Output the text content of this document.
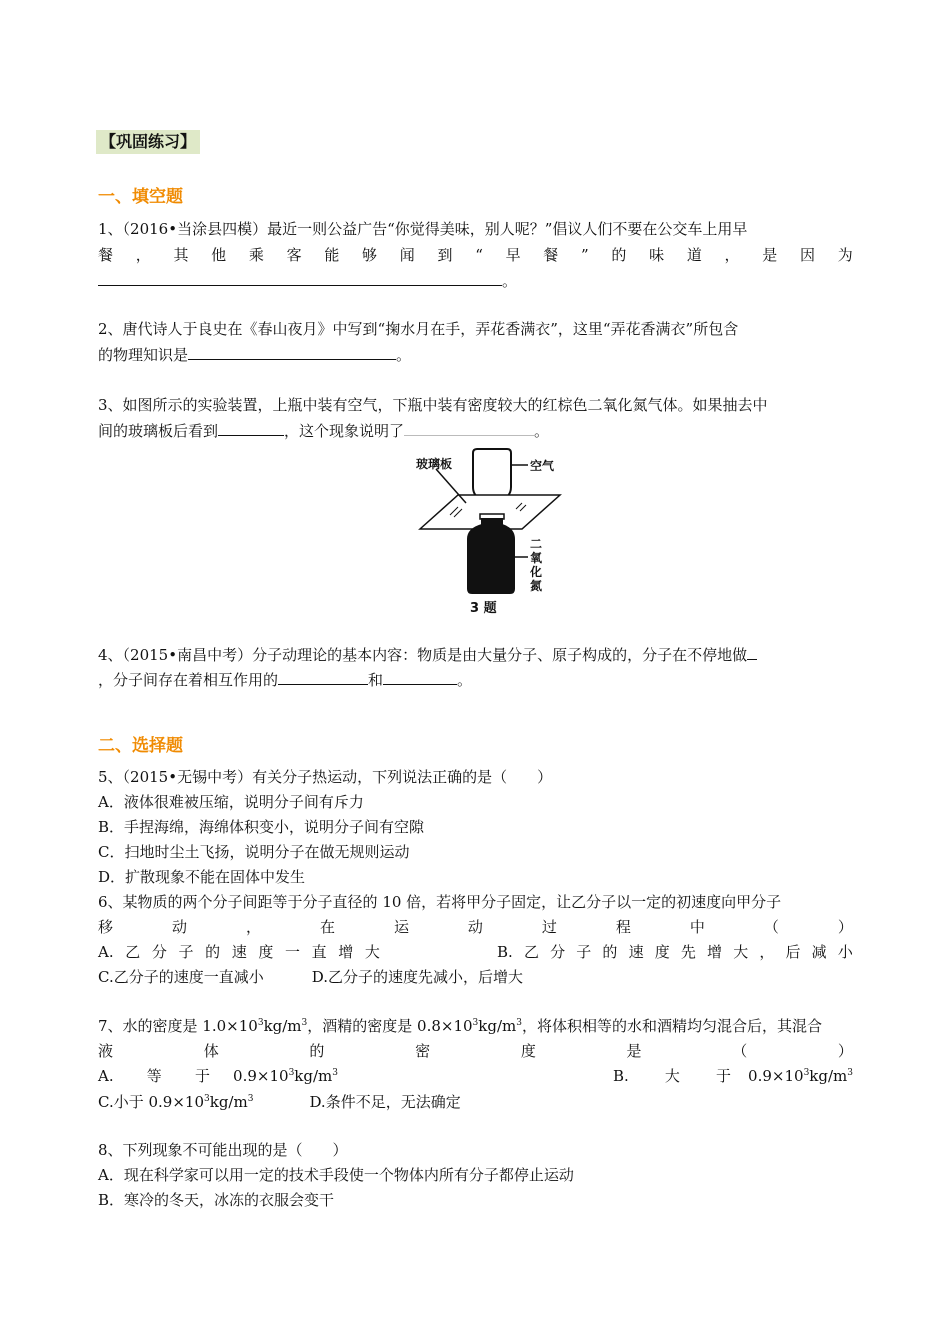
【巩固练习】
一、填空题
1、（2016•当涂县四模）最近一则公益广告“你觉得美味，别人呢？”倡议人们不要在公交车上用早
餐 ， 其 他 乘 客 能 够 闻 到 “ 早 餐 ” 的 味 道 ， 是 因 为
。
2、唐代诗人于良史在《春山夜月》中写到“掬水月在手，弄花香满衣”，这里“弄花香满衣”所包含
的物理知识是	。
3、如图所示的实验装置，上瓶中装有空气，下瓶中装有密度较大的红棕色二氧化氮气体。如果抽去中
间的玻璃板后看到	，这个现象说明了	。
玻璃板	空气
二氧化氮
3 题
4、（2015•南昌中考）分子动理论的基本内容：物质是由大量分子、原子构成的，分子在不停地做
，分子间存在着相互作用的	和	。
二、选择题
5、（2015•无锡中考）有关分子热运动，下列说法正确的是（　　）
A．液体很难被压缩，说明分子间有斥力
B．手捏海绵，海绵体积变小，说明分子间有空隙
C．扫地时尘土飞扬，说明分子在做无规则运动
D．扩散现象不能在固体中发生
6、某物质的两个分子间距等于分子直径的 10 倍，若将甲分子固定，让乙分子以一定的初速度向甲分子
移	动	，	在	运	动	过	程	中	（	）
A. 乙 分 子 的 速 度 一 直 增 大	B. 乙 分 子 的 速 度 先 增 大 ， 后 减 小
C.乙分子的速度一直减小	D.乙分子的速度先减小，后增大
7、水的密度是 $1.0\times 10^3kg/m^3$，酒精的密度是 $0.8\times 10^3kg/m^3$，将体积相等的水和酒精均匀混合后，其混合
液	体	的	密	度	是	（	）
A. 等 于 $0.9\times 10^3kg/m^3$	B. 大 于 $0.9\times 10^3kg/m^3$
C.小于 $0.9\times 10^3kg/m^3$	D.条件不足，无法确定
8、下列现象不可能出现的是（　　）
A．现在科学家可以用一定的技术手段使一个物体内所有分子都停止运动
B．寒冷的冬天，冰冻的衣服会变干
